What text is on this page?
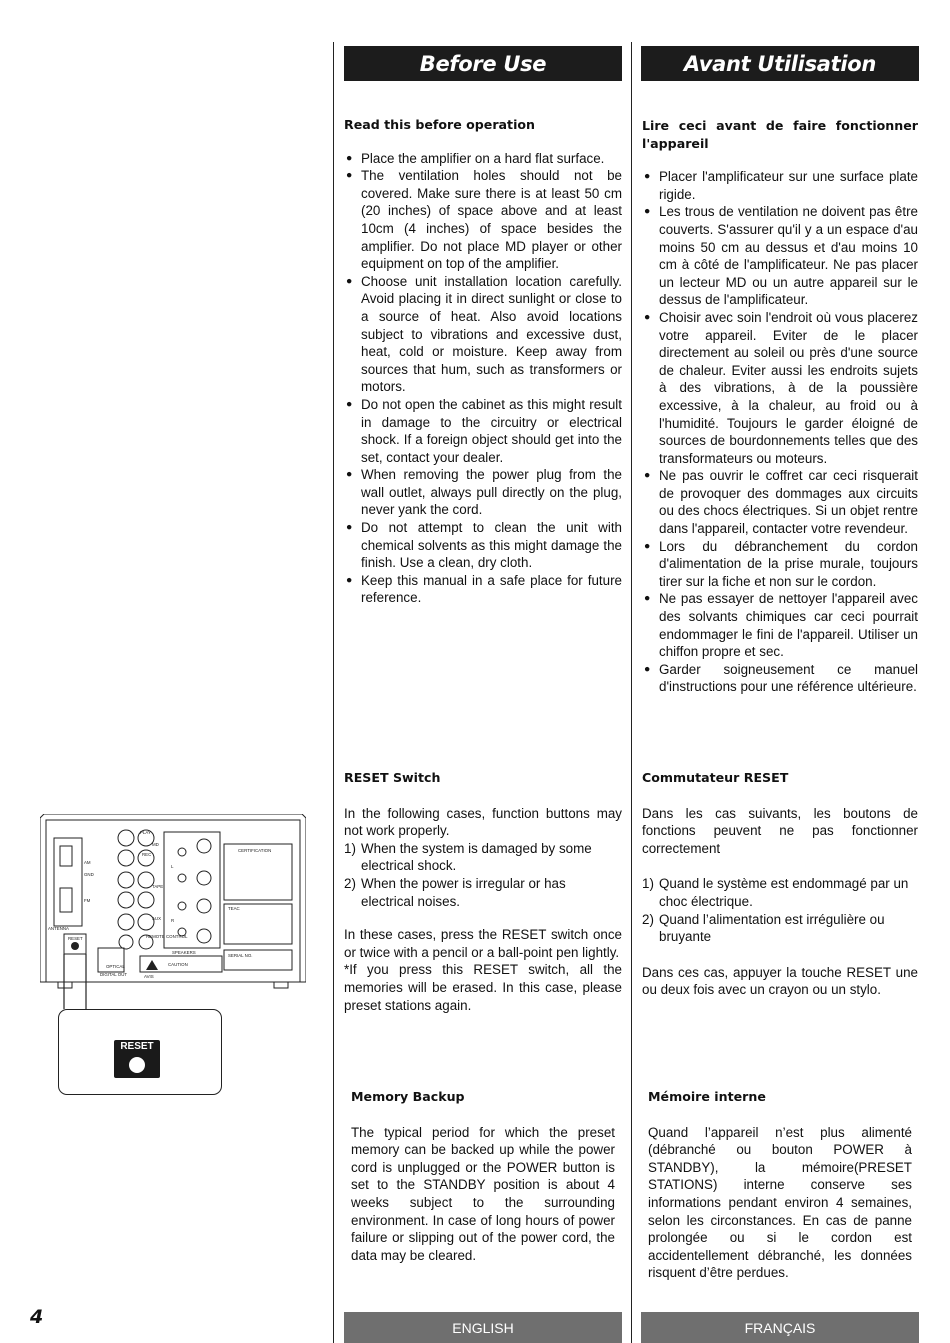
Before Use	Avant Utilisation

Read this before operation

● Place the amplifier on a hard flat surface.
● The ventilation holes should not be covered. Make sure there is at least 50 cm (20 inches) of space above and at least 10cm (4 inches) of space besides the amplifier. Do not place MD player or other equipment on top of the amplifier.
● Choose unit installation location carefully. Avoid placing it in direct sunlight or close to a source of heat. Also avoid locations subject to vibrations and excessive dust, heat, cold or moisture. Keep away from sources that hum, such as transformers or motors.
● Do not open the cabinet as this might result in damage to the circuitry or electrical shock. If a foreign object should get into the set, contact your dealer.
● When removing the power plug from the wall outlet, always pull directly on the plug, never yank the cord.
● Do not attempt to clean the unit with chemical solvents as this might damage the finish. Use a clean, dry cloth.
● Keep this manual in a safe place for future reference.

RESET Switch

In the following cases, function buttons may not work properly.

1) When the system is damaged by some electrical shock.
2) When the power is irregular or has electrical noises.

In these cases, press the RESET switch once or twice with a pencil or a ball-point pen lightly.

*If you press this RESET switch, all the memories will be erased. In this case, please preset stations again.

Memory Backup

The typical period for which the preset memory can be backed up while the power cord is unplugged or the POWER button is set to the STANDBY position is about 4 weeks subject to the surrounding environment. In case of long hours of power failure or slipping out of the power cord, the data may be cleared.

Lire ceci avant de faire fonctionner l'appareil

● Placer l'amplificateur sur une surface plate rigide.
● Les trous de ventilation ne doivent pas être couverts. S'assurer qu'il y a un espace d'au moins 50 cm au dessus et d'au moins 10 cm à côté de l'amplificateur. Ne pas placer un lecteur MD ou un autre appareil sur le dessus de l'amplificateur.
● Choisir avec soin l'endroit où vous placerez votre appareil. Eviter de le placer directement au soleil ou près d'une source de chaleur. Eviter aussi les endroits sujets à des vibrations, à de la poussière excessive, à la chaleur, au froid ou à l'humidité. Toujours le garder éloigné de sources de bourdonnements telles que des transformateurs ou moteurs.
● Ne pas ouvrir le coffret car ceci risquerait de provoquer des dommages aux circuits ou des chocs électriques. Si un objet rentre dans l'appareil, contacter votre revendeur.
● Lors du débranchement du cordon d'alimentation de la prise murale, toujours tirer sur la fiche et non sur le cordon.
● Ne pas essayer de nettoyer l'appareil avec des solvants chimiques car ceci pourrait endommager le fini de l'appareil. Utiliser un chiffon propre et sec.
● Garder soigneusement ce manuel d'instructions pour une référence ultérieure.

Commutateur RESET

Dans les cas suivants, les boutons de fonctions peuvent ne pas fonctionner correctement

1) Quand le système est endommagé par un choc électrique.
2) Quand l’alimentation est irrégulière ou bruyante

Dans ces cas, appuyer la touche RESET une ou deux fois avec un crayon ou un stylo.

Mémoire interne

Quand l’appareil n’est plus alimenté (débranché ou bouton POWER à STANDBY), la mémoire(PRESET STATIONS) interne conserve ses informations pendant environ 4 semaines, selon les circonstances. En cas de panne prolongée ou si le cordon est accidentellement débranché, les données risquent d’être perdues.

PLAY
MD
REC
TAPE
AUX
AM
GND
FM
ANTENNA
RESET	REMOTE CONTROL
SPEAKERS
OPTICAL
DIGITAL OUT
CAUTION
AVIS
CERTIFICATION
TEAC
SERIAL NO.
L
R
RESET
4	ENGLISH	FRANÇAIS
